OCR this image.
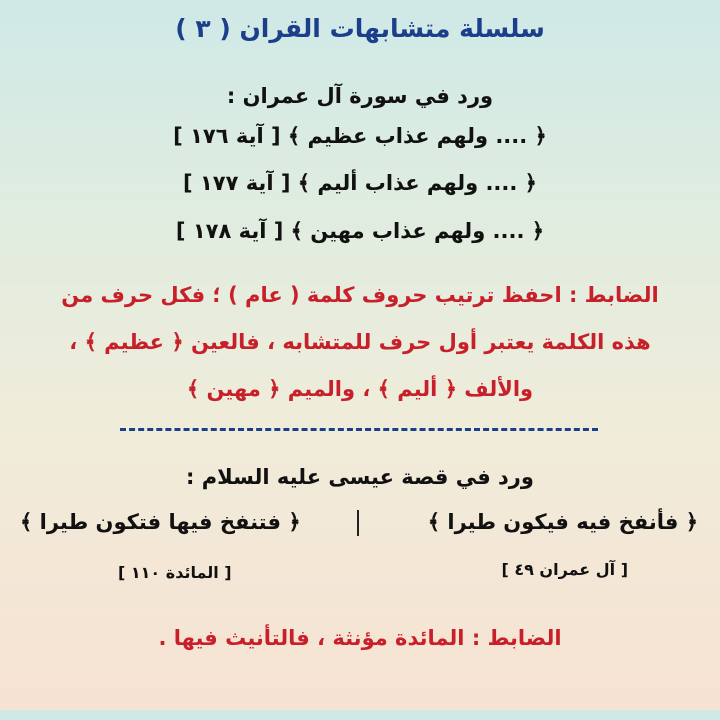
سلسلة متشابهات القران ( ٣ )
ورد في سورة آل عمران :
﴿ .... ولهم عذاب عظيم ﴾ [ آية ١٧٦ ]
﴿ .... ولهم عذاب أليم ﴾ [ آية ١٧٧ ]
﴿ .... ولهم عذاب مهين ﴾ [ آية ١٧٨ ]
الضابط : احفظ ترتيب حروف كلمة ( عام ) ؛ فكل حرف من
هذه الكلمة يعتبر أول حرف للمتشابه ، فالعين ﴿ عظيم ﴾ ،
والألف ﴿ أليم ﴾ ، والميم ﴿ مهين ﴾
ورد في قصة عيسى عليه السلام :
﴿ فأنفخ فيه فيكون طيرا ﴾
﴿ فتنفخ فيها فتكون طيرا ﴾
[ آل عمران ٤٩ ]
[ المائدة ١١٠ ]
الضابط : المائدة مؤنثة ، فالتأنيث فيها .
